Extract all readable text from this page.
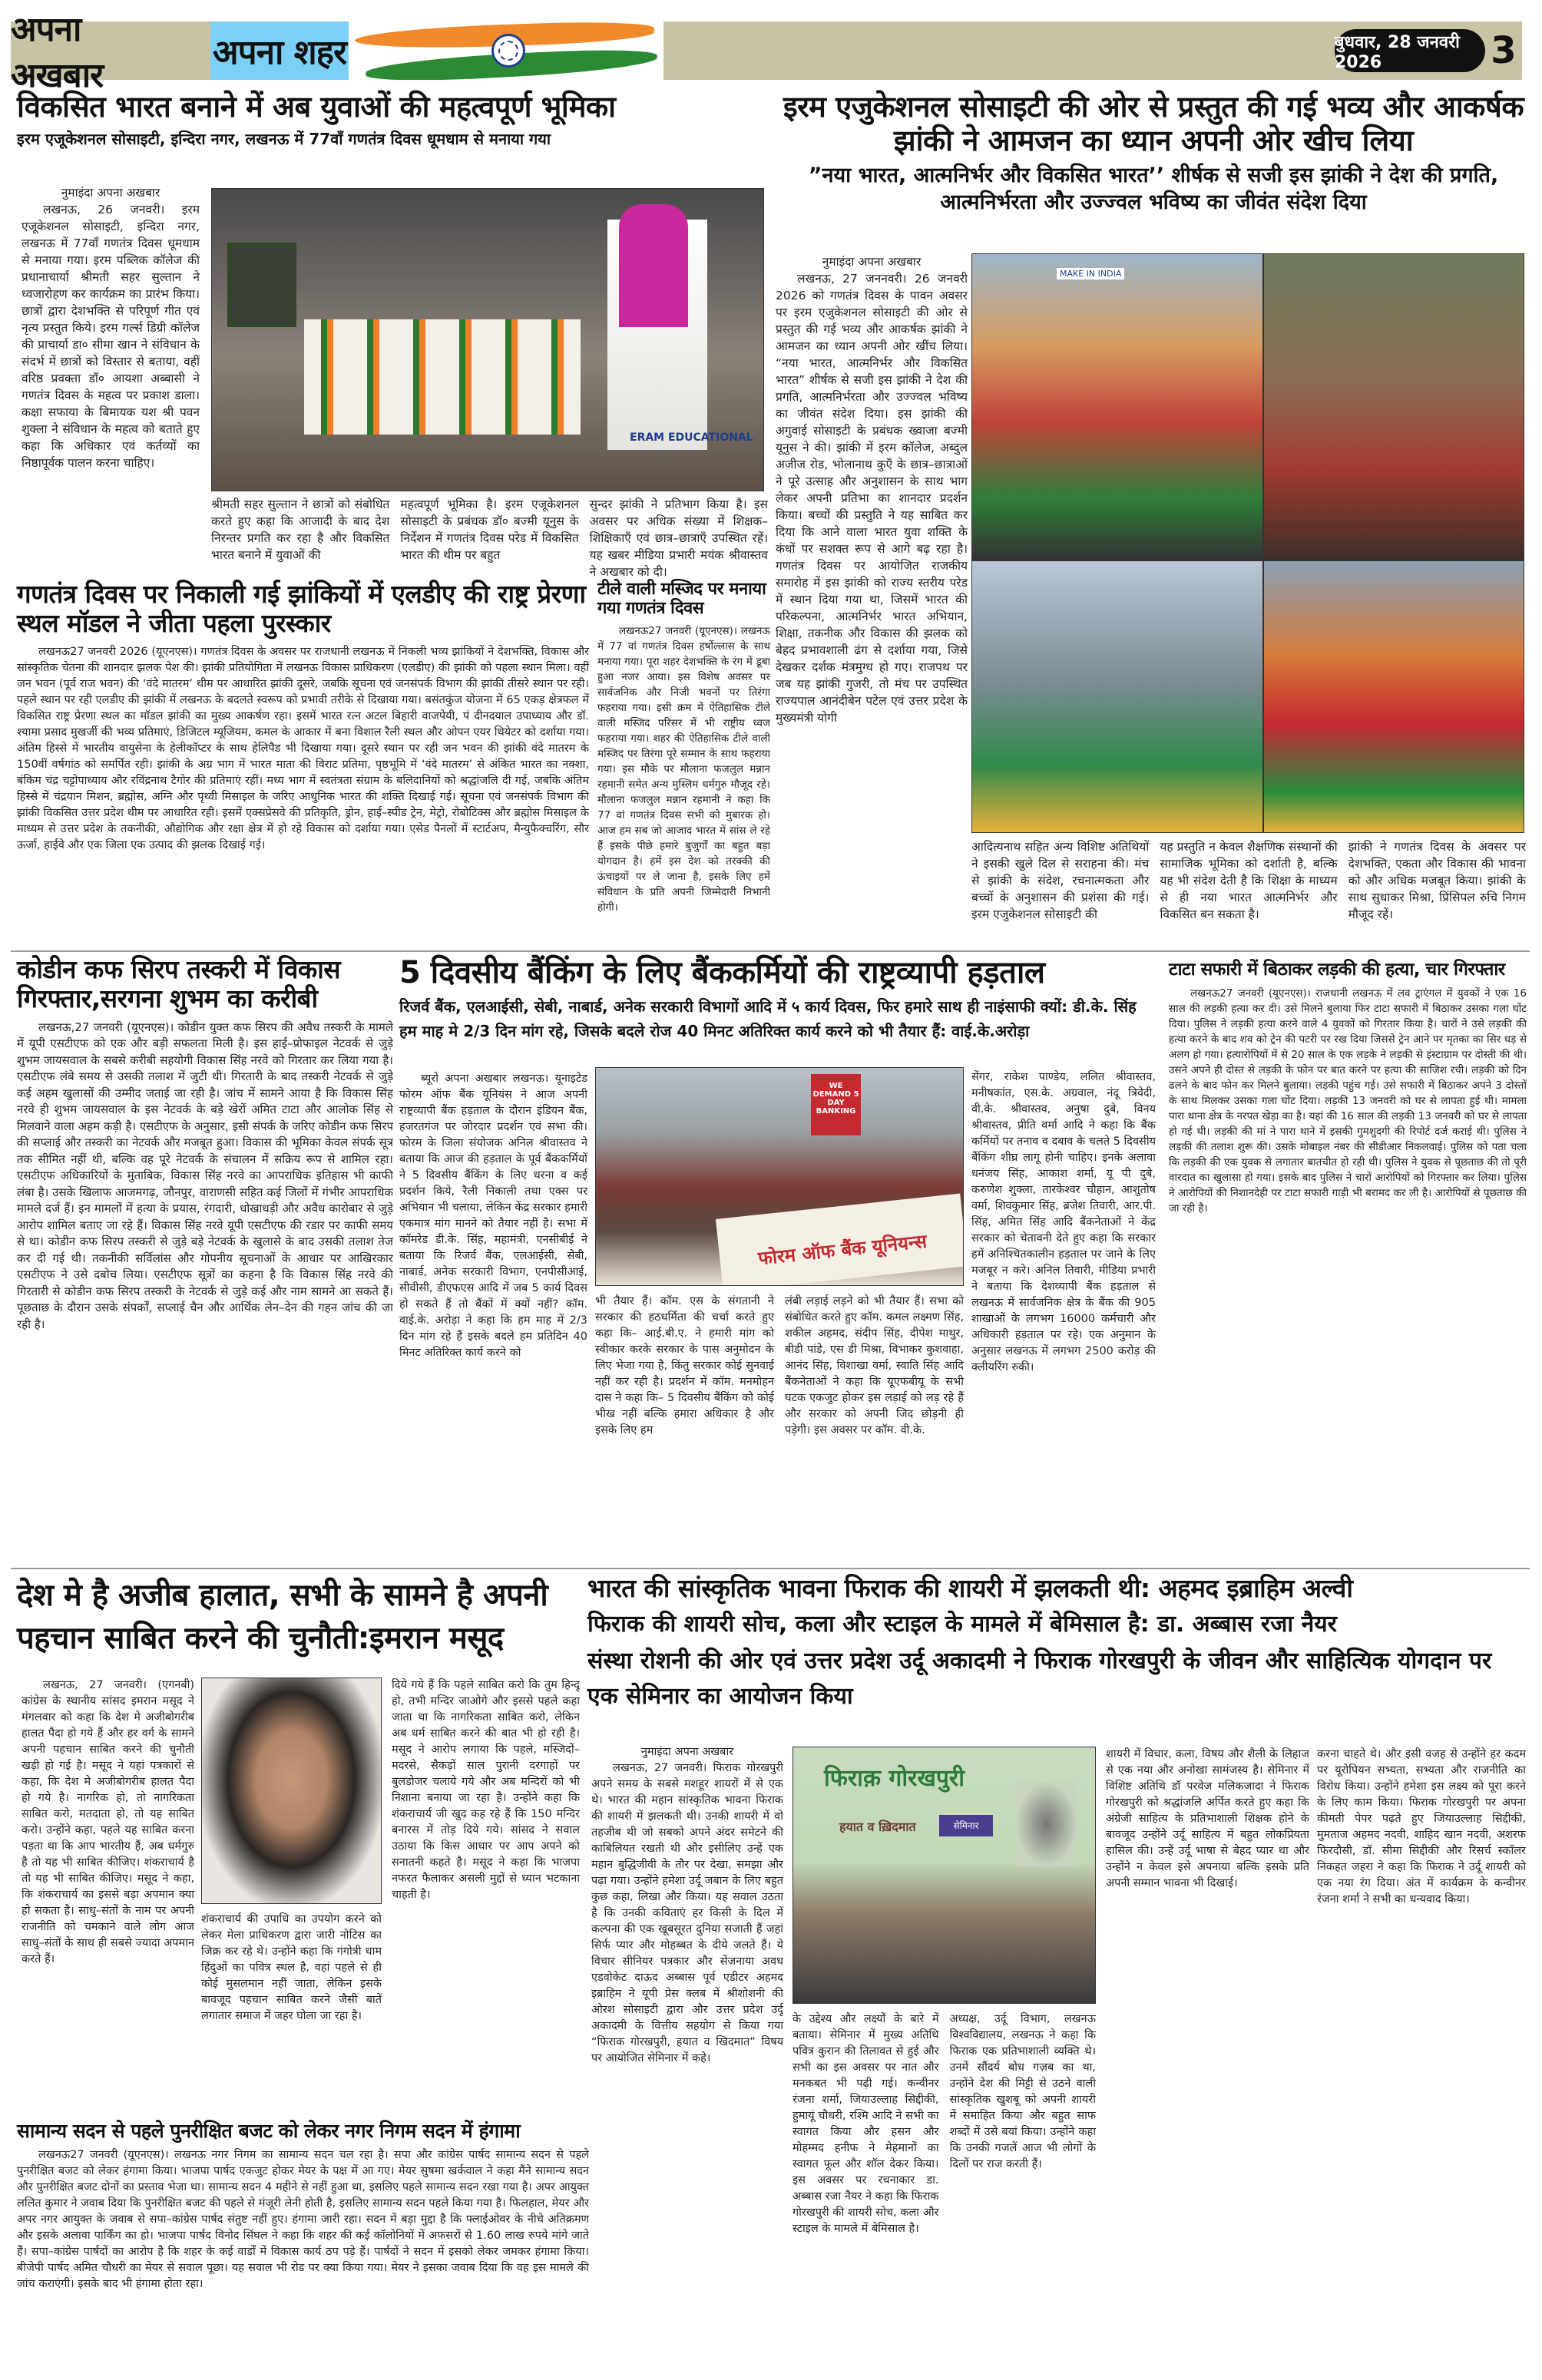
अपना अखबार
अपना शहर	बुधवार, 28 जनवरी 2026	3
विकसित भारत बनाने में अब युवाओं की महत्वपूर्ण भूमिका
इरम एजूकेशनल सोसाइटी, इन्दिरा नगर, लखनऊ में 77वाँ गणतंत्र दिवस धूमधाम से मनाया गया
नुमाइंदा अपना अखबार
लखनऊ, 26 जनवरी। इरम एजूकेशनल सोसाइटी, इन्दिरा नगर, लखनऊ में 77वाँ गणतंत्र दिवस धूमधाम से मनाया गया। इरम पब्लिक कॉलेज की प्रधानाचार्या श्रीमती सहर सुल्तान ने ध्वजारोहण कर कार्यक्रम का प्रारंभ किया। छात्रों द्वारा देशभक्ति से परिपूर्ण गीत एवं नृत्य प्रस्तुत किये। इरम गर्ल्स डिग्री कॉलेज की प्राचार्या डा० सीमा खान ने संविधान के संदर्भ में छात्रों को विस्तार से बताया, वहीं वरिष्ठ प्रवक्ता डॉ० आयशा अब्बासी ने गणतंत्र दिवस के महत्व पर प्रकाश डाला। कक्षा सफाया के बिमायक यश श्री पवन शुक्ला ने संविधान के महत्व को बताते हुए कहा कि अधिकार एवं कर्तव्यों का निष्ठापूर्वक पालन करना चाहिए।
ERAM EDUCATIONAL
श्रीमती सहर सुल्तान ने छात्रों को संबोधित करते हुए कहा कि आजादी के बाद देश निरन्तर प्रगति कर रहा है और विकसित भारत बनाने में युवाओं की
महत्वपूर्ण भूमिका है। इरम एजूकेशनल सोसाइटी के प्रबंधक डॉ० बज्मी यूनुस के निर्देशन में गणतंत्र दिवस परेड में विकसित भारत की थीम पर बहुत
सुन्दर झांकी ने प्रतिभाग किया है। इस अवसर पर अधिक संख्या में शिक्षक–शिक्षिकाएँ एवं छात्र–छात्राएँ उपस्थित रहें। यह खबर मीडिया प्रभारी मयंक श्रीवास्तव ने अखबार को दी।
इरम एजुकेशनल सोसाइटी की ओर से प्रस्तुत की गई भव्य और आकर्षक झांकी ने आमजन का ध्यान अपनी ओर खीच लिया
”नया भारत, आत्मनिर्भर और विकसित भारत’’ शीर्षक से सजी इस झांकी ने देश की प्रगति, आत्मनिर्भरता और उज्ज्वल भविष्य का जीवंत संदेश दिया
नुमाइंदा अपना अखबार
लखनऊ, 27 जननवरी। 26 जनवरी 2026 को गणतंत्र दिवस के पावन अवसर पर इरम एजुकेशनल सोसाइटी की ओर से प्रस्तुत की गई भव्य और आकर्षक झांकी ने आमजन का ध्यान अपनी ओर खींच लिया। “नया भारत, आत्मनिर्भर और विकसित भारत” शीर्षक से सजी इस झांकी ने देश की प्रगति, आत्मनिर्भरता और उज्ज्वल भविष्य का जीवंत संदेश दिया। इस झांकी की अगुवाई सोसाइटी के प्रबंधक ख्वाजा बज्मी यूनुस ने की। झांकी में इरम कॉलेज, अब्दुल अजीज रोड, भोलानाथ कुएँ के छात्र–छात्राओं ने पूरे उत्साह और अनुशासन के साथ भाग लेकर अपनी प्रतिभा का शानदार प्रदर्शन किया। बच्चों की प्रस्तुति ने यह साबित कर दिया कि आने वाला भारत युवा शक्ति के कंधों पर सशक्त रूप से आगे बढ़ रहा है। गणतंत्र दिवस पर आयोजित राजकीय समारोह में इस झांकी को राज्य स्तरीय परेड में स्थान दिया गया था, जिसमें भारत की परिकल्पना, आत्मनिर्भर भारत अभियान, शिक्षा, तकनीक और विकास की झलक को बेहद प्रभावशाली ढंग से दर्शाया गया, जिसे देखकर दर्शक मंत्रमुग्ध हो गए। राजपथ पर जब यह झांकी गुजरी, तो मंच पर उपस्थित राज्यपाल आनंदीबेन पटेल एवं उत्तर प्रदेश के मुख्यमंत्री योगी
MAKE IN INDIA
आदित्यनाथ सहित अन्य विशिष्ट अतिथियों ने इसकी खुले दिल से सराहना की। मंच से झांकी के संदेश, रचनात्मकता और बच्चों के अनुशासन की प्रशंसा की गई। इरम एजुकेशनल सोसाइटी की
यह प्रस्तुति न केवल शैक्षणिक संस्थानों की सामाजिक भूमिका को दर्शाती है, बल्कि यह भी संदेश देती है कि शिक्षा के माध्यम से ही नया भारत आत्मनिर्भर और विकसित बन सकता है।
झांकी ने गणतंत्र दिवस के अवसर पर देशभक्ति, एकता और विकास की भावना को और अधिक मजबूत किया। झांकी के साथ सुधाकर मिश्रा, प्रिंसिपल रुचि निगम मौजूद रहें।
गणतंत्र दिवस पर निकाली गई झांकियों में एलडीए की राष्ट्र प्रेरणा स्थल मॉडल ने जीता पहला पुरस्कार
लखनऊ27 जनवरी 2026 (यूएनएस)। गणतंत्र दिवस के अवसर पर राजधानी लखनऊ में निकली भव्य झांकियों ने देशभक्ति, विकास और सांस्कृतिक चेतना की शानदार झलक पेश की। झांकी प्रतियोगिता में लखनऊ विकास प्राधिकरण (एलडीए) की झांकी को पहला स्थान मिला। वहीं जन भवन (पूर्व राज भवन) की ‘वंदे मातरम’ थीम पर आधारित झांकी दूसरे, जबकि सूचना एवं जनसंपर्क विभाग की झांकी तीसरे स्थान पर रही। पहले स्थान पर रही एलडीए की झांकी में लखनऊ के बदलते स्वरूप को प्रभावी तरीके से दिखाया गया। बसंतकुंज योजना में 65 एकड़ क्षेत्रफल में विकसित राष्ट्र प्रेरणा स्थल का मॉडल झांकी का मुख्य आकर्षण रहा। इसमें भारत रत्न अटल बिहारी वाजपेयी, पं दीनदयाल उपाध्याय और डॉ. श्यामा प्रसाद मुखर्जी की भव्य प्रतिमाएं, डिजिटल म्यूजियम, कमल के आकार में बना विशाल रैली स्थल और ओपन एयर थियेटर को दर्शाया गया। अंतिम हिस्से में भारतीय वायुसेना के हेलीकॉप्टर के साथ हेलिपैड भी दिखाया गया। दूसरे स्थान पर रही जन भवन की झांकी वंदे मातरम के 150वीं वर्षगांठ को समर्पित रही। झांकी के अग्र भाग में भारत माता की विराट प्रतिमा, पृष्ठभूमि में ‘वंदे मातरम’ से अंकित भारत का नक्शा, बंकिम चंद्र चट्टोपाध्याय और रविंद्रनाथ टैगोर की प्रतिमाएं रहीं। मध्य भाग में स्वतंत्रता संग्राम के बलिदानियों को श्रद्धांजलि दी गई, जबकि अंतिम हिस्से में चंद्रयान मिशन, ब्रह्मोस, अग्नि और पृथ्वी मिसाइल के जरिए आधुनिक भारत की शक्ति दिखाई गई। सूचना एवं जनसंपर्क विभाग की झांकी विकसित उत्तर प्रदेश थीम पर आधारित रही। इसमें एक्सप्रेसवे की प्रतिकृति, ड्रोन, हाई–स्पीड ट्रेन, मेट्रो, रोबोटिक्स और ब्रह्मोस मिसाइल के माध्यम से उत्तर प्रदेश के तकनीकी, औद्योगिक और रक्षा क्षेत्र में हो रहे विकास को दर्शाया गया। एसेड पैनलों में स्टार्टअप, मैन्युफैक्चरिंग, सौर ऊर्जा, हाईवे और एक जिला एक उत्पाद की झलक दिखाई गई।
टीले वाली मस्जिद पर मनाया गया गणतंत्र दिवस
लखनऊ27 जनवरी (यूएनएस)। लखनऊ में 77 वां गणतंत्र दिवस हर्षोल्लास के साथ मनाया गया। पूरा शहर देशभक्ति के रंग में डूबा हुआ नजर आया। इस विशेष अवसर पर सार्वजनिक और निजी भवनों पर तिरंगा फहराया गया। इसी क्रम में ऐतिहासिक टीले वाली मस्जिद परिसर में भी राष्ट्रीय ध्वज फहराया गया। शहर की ऐतिहासिक टीले वाली मस्जिद पर तिरंगा पूरे सम्मान के साथ फहराया गया। इस मौके पर मौलाना फजलुल मन्नान रहमानी समेत अन्य मुस्लिम धर्मगुरु मौजूद रहे। मौलाना फजलुल मन्नान रहमानी ने कहा कि 77 वां गणतंत्र दिवस सभी को मुबारक हो। आज हम सब जो आजाद भारत में सांस ले रहे हैं इसके पीछे हमारे बुजुर्गों का बहुत बड़ा योगदान है। हमें इस देश को तरक्की की ऊंचाइयों पर ले जाना है, इसके लिए हमें संविधान के प्रति अपनी जिम्मेदारी निभानी होगी।
कोडीन कफ सिरप तस्करी में विकास गिरफ्तार,सरगना शुभम का करीबी
लखनऊ,27 जनवरी (यूएनएस)। कोडीन युक्त कफ सिरप की अवैध तस्करी के मामले में यूपी एसटीएफ को एक और बड़ी सफलता मिली है। इस हाई–प्रोफाइल नेटवर्क से जुड़े शुभम जायसवाल के सबसे करीबी सहयोगी विकास सिंह नरवे को गिरतार कर लिया गया है। एसटीएफ लंबे समय से उसकी तलाश में जुटी थी। गिरतारी के बाद तस्करी नेटवर्क से जुड़े कई अहम खुलासों की उम्मीद जताई जा रही है। जांच में सामने आया है कि विकास सिंह नरवे ही शुभम जायसवाल के इस नेटवर्क के बड़े खेरों अमित टाटा और आलोक सिंह से मिलवाने वाला अहम कड़ी है। एसटीएफ के अनुसार, इसी संपर्क के जरिए कोडीन कफ सिरप की सप्लाई और तस्करी का नेटवर्क और मजबूत हुआ। विकास की भूमिका केवल संपर्क सूत्र तक सीमित नहीं थी, बल्कि वह पूरे नेटवर्क के संचालन में सक्रिय रूप से शामिल रहा। एसटीएफ अधिकारियों के मुताबिक, विकास सिंह नरवे का आपराधिक इतिहास भी काफी लंबा है। उसके खिलाफ आजमगढ़, जौनपुर, वाराणसी सहित कई जिलों में गंभीर आपराधिक मामले दर्ज हैं। इन मामलों में हत्या के प्रयास, रंगदारी, धोखाधड़ी और अवैध कारोबार से जुड़े आरोप शामिल बताए जा रहे हैं। विकास सिंह नरवे यूपी एसटीएफ की रडार पर काफी समय से था। कोडीन कफ सिरप तस्करी से जुड़े बड़े नेटवर्क के खुलासे के बाद उसकी तलाश तेज कर दी गई थी। तकनीकी सर्विलांस और गोपनीय सूचनाओं के आधार पर आखिरकार एसटीएफ ने उसे दबोच लिया। एसटीएफ सूत्रों का कहना है कि विकास सिंह नरवे की गिरतारी से कोडीन कफ सिरप तस्करी के नेटवर्क से जुड़े कई और नाम सामने आ सकते हैं। पूछताछ के दौरान उसके संपर्कों, सप्लाई चैन और आर्थिक लेन–देन की गहन जांच की जा रही है।
5 दिवसीय बैंकिंग के लिए बैंककर्मियों की राष्ट्रव्यापी हड़ताल
रिजर्व बैंक, एलआईसी, सेबी, नाबार्ड, अनेक सरकारी विभागों आदि में ५ कार्य दिवस, फिर हमारे साथ ही नाइंसाफी क्यों: डी.के. सिंह
हम माह मे 2/3 दिन मांग रहे, जिसके बदले रोज 40 मिनट अतिरिक्त कार्य करने को भी तैयार हैं: वाई.के.अरोड़ा
ब्यूरो अपना अखबार लखनऊ। यूनाइटेड फोरम ऑफ बैंक यूनियंस ने आज अपनी राष्ट्रव्यापी बैंक हड़ताल के दौरान इंडियन बैंक, हजरतगंज पर जोरदार प्रदर्शन एवं सभा की। फोरम के जिला संयोजक अनिल श्रीवास्तव ने बताया कि आज की हड़ताल के पूर्व बैंककर्मियों ने 5 दिवसीय बैंकिंग के लिए धरना व कई प्रदर्शन किये, रैली निकाली तथा एक्स पर अभियान भी चलाया, लेकिन केंद्र सरकार हमारी एकमात्र मांग मानने को तैयार नहीं है। सभा में कॉमरेड डी.के. सिंह, महामंत्री, एनसीबीई ने बताया कि रिजर्व बैंक, एलआईसी, सेबी, नाबार्ड, अनेक सरकारी विभाग, एनपीसीआई, सीवीसी, डीएफएस आदि में जब 5 कार्य दिवस हो सकते हैं तो बैंकों में क्यों नहीं? कॉम. वाई.के. अरोड़ा ने कहा कि हम माह में 2/3 दिन मांग रहे हैं इसके बदले हम प्रतिदिन 40 मिनट अतिरिक्त कार्य करने को
WE DEMAND 5 DAY BANKING
फोरम ऑफ बैंक यूनियन्स
भी तैयार हैं। कॉम. एस के संगतानी ने सरकार की हठधर्मिता की चर्चा करते हुए कहा कि– आई.बी.ए. ने हमारी मांग को स्वीकार करके सरकार के पास अनुमोदन के लिए भेजा गया है, किंतु सरकार कोई सुनवाई नहीं कर रही है। प्रदर्शन में कॉम. मनमोहन दास ने कहा कि– 5 दिवसीय बैंकिंग को कोई भीख नहीं बल्कि हमारा अधिकार है और इसके लिए हम
लंबी लड़ाई लड़ने को भी तैयार हैं। सभा को संबोधित करते हुए कॉम. कमल लक्ष्मण सिंह, शकील अहमद, संदीप सिंह, दीपेश माथुर, बीडी पांडे, एस डी मिश्रा, विभाकर कुशवाहा, आनंद सिंह, विशाखा वर्मा, स्वाति सिंह आदि बैंकनेताओं ने कहा कि यूएफबीयू के सभी घटक एकजुट होकर इस लड़ाई को लड़ रहे हैं और सरकार को अपनी जिद छोड़नी ही पड़ेगी। इस अवसर पर कॉम. वी.के.
सेंगर, राकेश पाण्डेय, ललित श्रीवास्तव, मनीषकांत, एस.के. अग्रवाल, नंदू त्रिवेदी, वी.के. श्रीवास्तव, अनुषा दुबे, विनय श्रीवास्तव, प्रीति वर्मा आदि ने कहा कि बैंक कर्मियों पर तनाव व दबाव के चलते 5 दिवसीय बैंकिंग शीघ्र लागू होनी चाहिए। इनके अलावा धनंजय सिंह, आकाश शर्मा, यू पी दुबे, करुणेश शुक्ला, तारकेश्वर चौहान, आशुतोष वर्मा, शिवकुमार सिंह, ब्रजेश तिवारी, आर.पी. सिंह, अमित सिंह आदि बैंकनेताओं ने केंद्र सरकार को चेतावनी देते हुए कहा कि सरकार हमें अनिश्चितकालीन हड़ताल पर जाने के लिए मजबूर न करे। अनिल तिवारी, मीडिया प्रभारी ने बताया कि देशव्यापी बैंक हड़ताल से लखनऊ में सार्वजनिक क्षेत्र के बैंक की 905 शाखाओं के लगभग 16000 कर्मचारी और अधिकारी हड़ताल पर रहे। एक अनुमान के अनुसार लखनऊ में लगभग 2500 करोड़ की क्लीयरिंग रुकी।
टाटा सफारी में बिठाकर लड़की की हत्या, चार गिरफ्तार
लखनऊ27 जनवरी (यूएनएस)। राजधानी लखनऊ में लव ट्राएंगल में युवकों ने एक 16 साल की लड़की हत्या कर दी। उसे मिलने बुलाया फिर टाटा सफारी में बिठाकर उसका गला घोंट दिया। पुलिस ने लड़की हत्या करने वाले 4 युवकों को गिरतार किया है। चारों ने उसे लड़की की हत्या करने के बाद शव को ट्रेन की पटरी पर रख दिया जिससे ट्रेन आने पर मृतका का सिर धड़ से अलग हो गया। हत्यारोपियों में से 20 साल के एक लड़के ने लड़की से इंस्टाग्राम पर दोस्ती की थी। उसने अपने ही दोस्त से लड़की के फोन पर बात करने पर हत्या की साजिश रची। लड़की को दिन ढलने के बाद फोन कर मिलने बुलाया। लड़की पहुंच गई। उसे सफारी में बिठाकर अपने 3 दोस्तों के साथ मिलकर उसका गला घोंट दिया। लड़की 13 जनवरी को घर से लापता हुई थी। मामला पारा थाना क्षेत्र के नरपत खेड़ा का है। यहां की 16 साल की लड़की 13 जनवरी को घर से लापता हो गई थी। लड़की की मां ने पारा थाने में इसकी गुमशुदगी की रिपोर्ट दर्ज कराई थी। पुलिस ने लड़की की तलाश शुरू की। उसके मोबाइल नंबर की सीडीआर निकलवाई। पुलिस को पता चला कि लड़की की एक युवक से लगातार बातचीत हो रही थी। पुलिस ने युवक से पूछताछ की तो पूरी वारदात का खुलासा हो गया। इसके बाद पुलिस ने चारों आरोपियों को गिरफ्तार कर लिया। पुलिस ने आरोपियों की निशानदेही पर टाटा सफारी गाड़ी भी बरामद कर ली है। आरोपियों से पूछताछ की जा रही है।
देश मे है अजीब हालात, सभी के सामने है अपनी पहचान साबित करने की चुनौती:इमरान मसूद
लखनऊ, 27 जनवरी। (एगनबी) कांग्रेस के स्थानीय सांसद इमरान मसूद ने मंगलवार को कहा कि देश मे अजीबोगरीब हालत पैदा हो गये हैं और हर वर्ग के सामने अपनी पहचान साबित करने की चुनौती खड़ी हो गई है। मसूद ने यहां पत्रकारों से कहा, कि देश मे अजीबोगरीब हालत पैदा हो गये है। नागरिक हो, तो नागरिकता साबित करो, मतदाता हो, तो यह साबित करो। उन्होंने कहा, पहले यह साबित करना पड़ता था कि आप भारतीय हैं, अब धर्मगुरु है तो यह भी साबित कीजिए। शंकराचार्य है तो यह भी साबित कीजिए। मसूद ने कहा, कि शंकराचार्य का इससे बड़ा अपमान क्या हो सकता है। साधु–संतों के नाम पर अपनी राजनीति को चमकाने वाले लोग आज साधु–संतों के साथ ही सबसे ज्यादा अपमान करते हैं।
शंकराचार्य की उपाधि का उपयोग करने को लेकर मेला प्राधिकरण द्वारा जारी नोटिस का जिक्र कर रहे थे। उन्होंने कहा कि गंगोत्री धाम हिंदुओं का पवित्र स्थल है, वहां पहले से ही कोई मुसलमान नहीं जाता, लेकिन इसके बावजूद पहचान साबित करने जैसी बातें लगातार समाज में जहर घोला जा रहा है।
दिये गये हैं कि पहले साबित करो कि तुम हिन्दू हो, तभी मन्दिर जाओगे और इससे पहले कहा जाता था कि नागरिकता साबित करो, लेकिन अब धर्म साबित करने की बात भी हो रही है। मसूद ने आरोप लगाया कि पहले, मस्जिदों–मदरसे, सैकड़ों साल पुरानी दरगाहों पर बुलडोजर चलाये गये और अब मन्दिरों को भी निशाना बनाया जा रहा है। उन्होंने कहा कि शंकराचार्य जी खुद कह रहे हैं कि 150 मन्दिर बनारस में तोड़ दिये गये। सांसद ने सवाल उठाया कि किस आधार पर आप अपने को सनातनी कहते है। मसूद ने कहा कि भाजपा नफरत फैलाकर असली मुद्दों से ध्यान भटकाना चाहती है।
सामान्य सदन से पहले पुनरीक्षित बजट को लेकर नगर निगम सदन में हंगामा
लखनऊ27 जनवरी (यूएनएस)। लखनऊ नगर निगम का सामान्य सदन चल रहा है। सपा और कांग्रेस पार्षद सामान्य सदन से पहले पुनरीक्षित बजट को लेकर हंगामा किया। भाजपा पार्षद एकजुट होकर मेयर के पक्ष में आ गए। मेयर सुषमा खर्कवाल ने कहा मैंने सामान्य सदन और पुनरीक्षित बजट दोनों का प्रस्ताव भेजा था। सामान्य सदन 4 महीने से नहीं हुआ था, इसलिए पहले सामान्य सदन रखा गया है। अपर आयुक्त ललित कुमार ने जवाब दिया कि पुनरीक्षित बजट की पहले से मंजूरी लेनी होती है, इसलिए सामान्य सदन पहले किया गया है। फिलहाल, मेयर और अपर नगर आयुक्त के जवाब से सपा–कांग्रेस पार्षद संतुष्ट नहीं हुए। हंगामा जारी रहा। सदन में बड़ा मुद्दा है कि फ्लाईओवर के नीचे अतिक्रमण और इसके अलावा पार्किंग का हो। भाजपा पार्षद विनोद सिंघल ने कहा कि शहर की कई कॉलोनियों में अफसरों से 1.60 लाख रुपये मांगे जाते हैं। सपा–कांग्रेस पार्षदों का आरोप है कि शहर के कई वार्डों में विकास कार्य ठप पड़े हैं। पार्षदों ने सदन में इसको लेकर जमकर हंगामा किया। बीजेपी पार्षद अमित चौधरी का मेयर से सवाल पूछा। यह सवाल भी रोड पर क्या किया गया। मेयर ने इसका जवाब दिया कि वह इस मामले की जांच कराएंगी। इसके बाद भी हंगामा होता रहा।
भारत की सांस्कृतिक भावना फिराक की शायरी में झलकती थी: अहमद इब्राहिम अल्वी
फिराक की शायरी सोच, कला और स्टाइल के मामले में बेमिसाल है: डा. अब्बास रजा नैयर
संस्था रोशनी की ओर एवं उत्तर प्रदेश उर्दू अकादमी ने फिराक गोरखपुरी के जीवन और साहित्यिक योगदान पर एक सेमिनार का आयोजन किया
नुमाइंदा अपना अखबार
लखनऊ, 27 जनवरी। फिराक गोरखपुरी अपने समय के सबसे मशहूर शायरों में से एक थे। भारत की महान सांस्कृतिक भावना फिराक की शायरी में झलकती थी। उनकी शायरी में वो तहजीब थी जो सबको अपने अंदर समेटने की काबिलियत रखती थी और इसीलिए उन्हें एक महान बुद्धिजीवी के तौर पर देखा, समझा और पढ़ा गया। उन्होंने हमेशा उर्दू जबान के लिए बहुत कुछ कहा, लिखा और किया। यह सवाल उठता है कि उनकी कविताएं हर किसी के दिल में कल्पना की एक खूबसूरत दुनिया सजाती हैं जहां सिर्फ प्यार और मोहब्बत के दीये जलते हैं। ये विचार सीनियर पत्रकार और सेंजनाया अवध एडवोकेट दाऊद अब्बास पूर्व एडीटर अहमद इब्राहिम ने यूपी प्रेस क्लब में श्रीशोशनी की ओरश सोसाइटी द्वारा और उत्तर प्रदेश उर्दू अकादमी के वित्तीय सहयोग से किया गया “फिराक गोरखपुरी, हयात व खिदमात” विषय पर आयोजित सेमिनार में कहे।
फिराक़ गोरखपुरी
हयात व ख़िदमात	सेमिनार
के उद्देश्य और लक्ष्यों के बारे में बताया। सेमिनार में मुख्य अतिथि पवित्र कुरान की तिलावत से हुई और सभी का इस अवसर पर नात और मनकबत भी पढ़ी गई। कन्वीनर रंजना शर्मा, जियाउल्लाह सिद्दीकी, हुमायूं चौधरी, रश्मि आदि ने सभी का स्वागत किया और हसन और मोहम्मद हनीफ ने मेहमानों का स्वागत फूल और शॉल देकर किया। इस अवसर पर रचनाकार डा. अब्बास रजा नैयर ने कहा कि फिराक गोरखपुरी की शायरी सोच, कला और स्टाइल के मामले में बेमिसाल है।
अध्यक्ष, उर्दू विभाग, लखनऊ विश्वविद्यालय, लखनऊ ने कहा कि फिराक एक प्रतिभाशाली व्यक्ति थे। उनमें सौंदर्य बोध गज़ब का था, उन्होंने देश की मिट्टी से उठने वाली सांस्कृतिक खुशबू को अपनी शायरी में समाहित किया और बहुत साफ शब्दों में उसे बयां किया। उन्होंने कहा कि उनकी गजलें आज भी लोगों के दिलों पर राज करती हैं।
शायरी में विचार, कला, विषय और शैली के लिहाज से एक नया और अनोखा सामंजस्य है। सेमिनार में विशिष्ट अतिथि डॉ परवेज मलिकजादा ने फिराक गोरखपुरी को श्रद्धांजलि अर्पित करते हुए कहा कि अंग्रेजी साहित्य के प्रतिभाशाली शिक्षक होने के बावजूद उन्होंने उर्दू साहित्य में बहुत लोकप्रियता हासिल की। उन्हें उर्दू भाषा से बेहद प्यार था और उन्होंने न केवल इसे अपनाया बल्कि इसके प्रति अपनी सम्मान भावना भी दिखाई।
करना चाहते थे। और इसी वजह से उन्होंने हर कदम पर यूरोपियन सभ्यता, सभ्यता और राजनीति का विरोध किया। उन्होंने हमेशा इस लक्ष्य को पूरा करने के लिए काम किया। फिराक गोरखपुरी पर अपना कीमती पेपर पढ़ते हुए जियाउल्लाह सिद्दीकी, मुमताज अहमद नदवी, शाहिद खान नदवी, अशरफ फिरदौसी, डॉ. सीमा सिद्दीकी और रिसर्च स्कॉलर निकहत जहरा ने कहा कि फिराक ने उर्दू शायरी को एक नया रंग दिया। अंत में कार्यक्रम के कन्वीनर रंजना शर्मा ने सभी का धन्यवाद किया।
